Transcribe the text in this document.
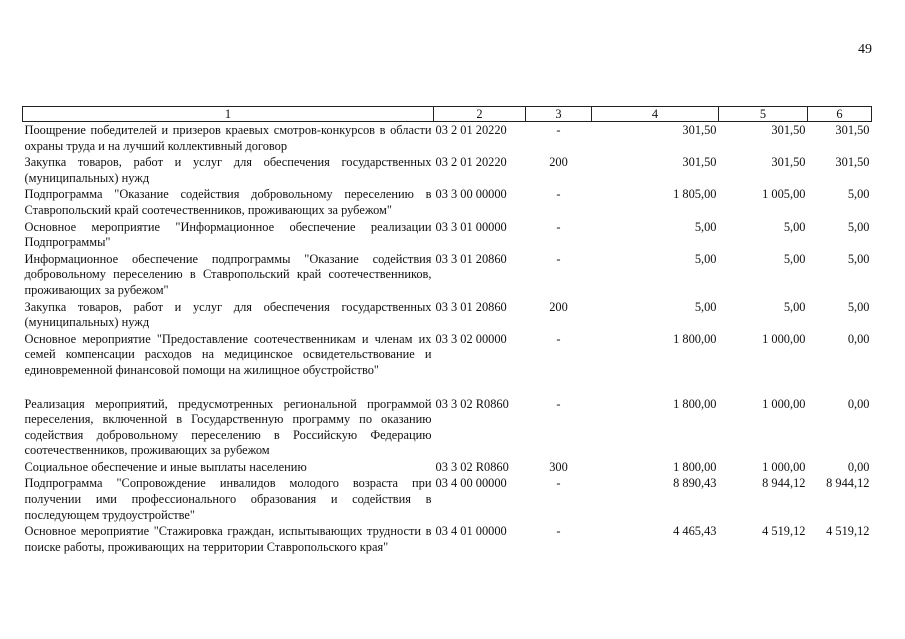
49
1	2	3	4	5	6
Поощрение победителей и призеров краевых смотров-конкурсов в области охраны труда и на лучший коллективный договор	03 2 01 20220	-	301,50	301,50	301,50
Закупка товаров, работ и услуг для обеспечения государственных (муниципальных) нужд	03 2 01 20220	200	301,50	301,50	301,50
Подпрограмма "Оказание содействия добровольному переселению в Ставропольский край соотечественников, проживающих за рубежом"	03 3 00 00000	-	1 805,00	1 005,00	5,00
Основное мероприятие "Информационное обеспечение реализации Подпрограммы"	03 3 01 00000	-	5,00	5,00	5,00
Информационное обеспечение подпрограммы "Оказание содействия добровольному переселению в Ставропольский край соотечественников, проживающих за рубежом"	03 3 01 20860	-	5,00	5,00	5,00
Закупка товаров, работ и услуг для обеспечения государственных (муниципальных) нужд	03 3 01 20860	200	5,00	5,00	5,00
Основное мероприятие "Предоставление соотечественникам и членам их семей компенсации расходов на медицинское освидетельствование и единовременной финансовой помощи на жилищное обустройство"	03 3 02 00000	-	1 800,00	1 000,00	0,00
Реализация мероприятий, предусмотренных региональной программой переселения, включенной в Государственную программу по оказанию содействия добровольному переселению в Российскую Федерацию соотечественников, проживающих за рубежом	03 3 02 R0860	-	1 800,00	1 000,00	0,00
Социальное обеспечение и иные выплаты населению	03 3 02 R0860	300	1 800,00	1 000,00	0,00
Подпрограмма "Сопровождение инвалидов молодого возраста при получении ими профессионального образования и содействия в последующем трудоустройстве"	03 4 00 00000	-	8 890,43	8 944,12	8 944,12
Основное мероприятие "Стажировка граждан, испытывающих трудности в поиске работы, проживающих на территории Ставропольского края"	03 4 01 00000	-	4 465,43	4 519,12	4 519,12
